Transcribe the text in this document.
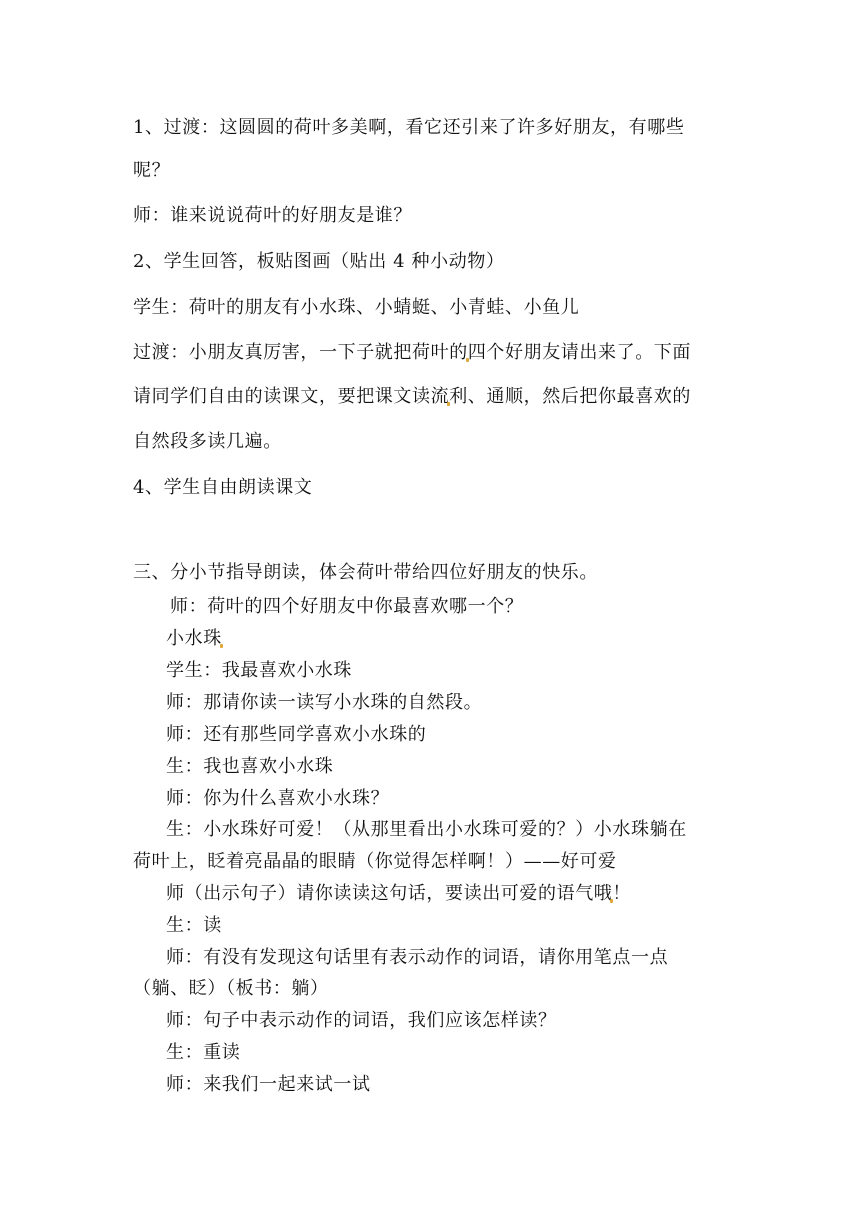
1、过渡：这圆圆的荷叶多美啊，看它还引来了许多好朋友，有哪些
呢？
师：谁来说说荷叶的好朋友是谁？
2、学生回答，板贴图画（贴出 4 种小动物）
学生：荷叶的朋友有小水珠、小蜻蜓、小青蛙、小鱼儿
过渡：小朋友真厉害，一下子就把荷叶的四个好朋友请出来了。下面
请同学们自由的读课文，要把课文读流利、通顺，然后把你最喜欢的
自然段多读几遍。
4、学生自由朗读课文
三、分小节指导朗读，体会荷叶带给四位好朋友的快乐。
师：荷叶的四个好朋友中你最喜欢哪一个？
小水珠
学生：我最喜欢小水珠
师：那请你读一读写小水珠的自然段。
师：还有那些同学喜欢小水珠的
生：我也喜欢小水珠
师：你为什么喜欢小水珠？
生：小水珠好可爱！（从那里看出小水珠可爱的？）小水珠躺在
荷叶上，眨着亮晶晶的眼睛（你觉得怎样啊！）——好可爱
师（出示句子）请你读读这句话，要读出可爱的语气哦！
生：读
师：有没有发现这句话里有表示动作的词语，请你用笔点一点
（躺、眨）（板书：躺）
师：句子中表示动作的词语，我们应该怎样读？
生：重读
师：来我们一起来试一试
